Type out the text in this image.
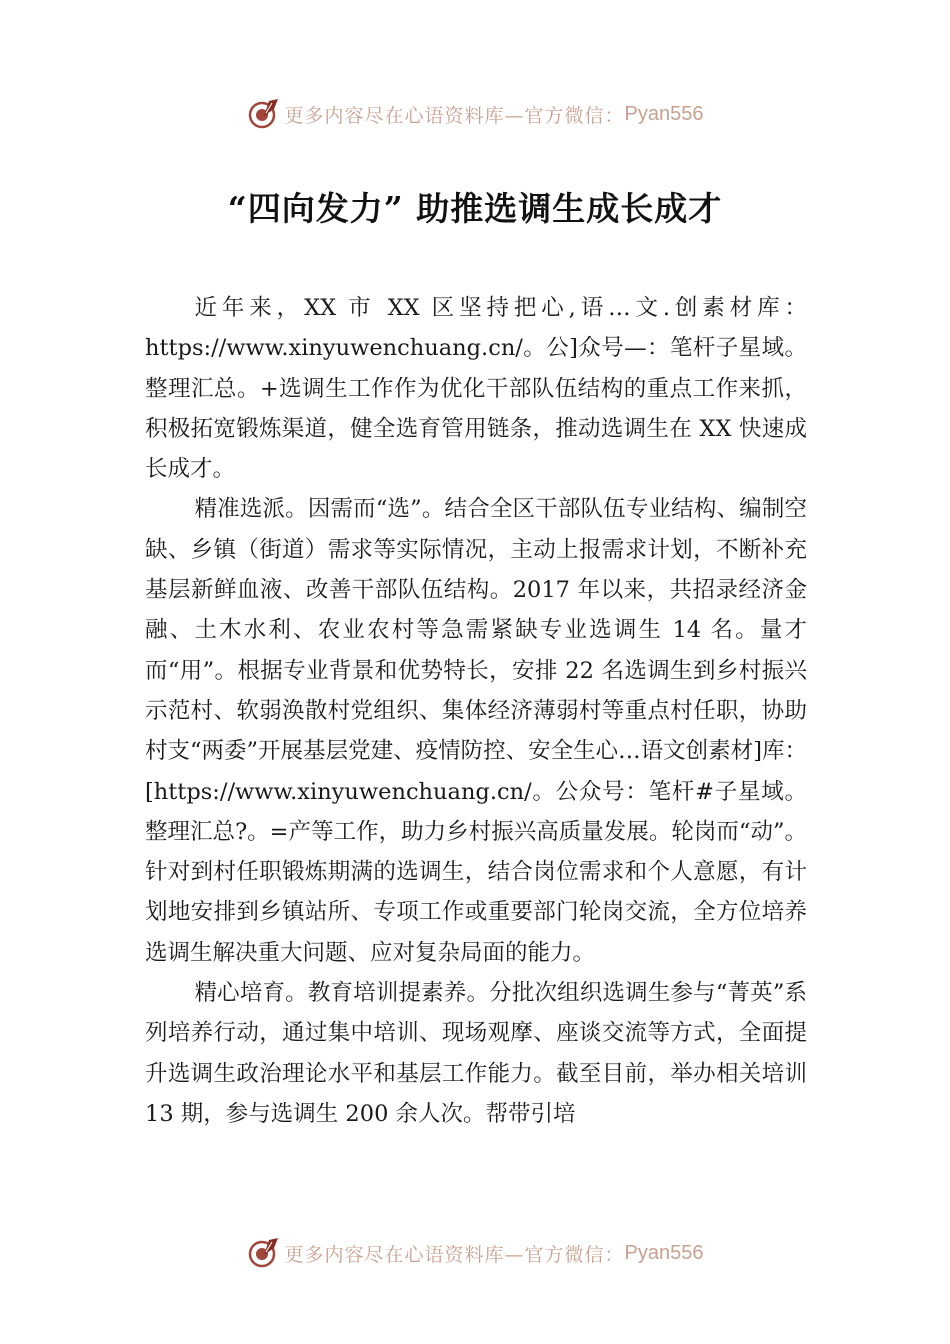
更多内容尽在心语资料库—官方微信： Pyan556
“四向发力” 助推选调生成长成才

近年来，XX 市 XX 区坚持把心,语…文.创素材库：https://www.xinyuwenchuang.cn/。公]众号—：笔杆子星域。整理汇总。+选调生工作作为优化干部队伍结构的重点工作来抓，积极拓宽锻炼渠道，健全选育管用链条，推动选调生在 XX 快速成长成才。

精准选派。因需而“选”。结合全区干部队伍专业结构、编制空缺、乡镇（街道）需求等实际情况，主动上报需求计划，不断补充基层新鲜血液、改善干部队伍结构。2017 年以来，共招录经济金融、土木水利、农业农村等急需紧缺专业选调生 14 名。量才而“用”。根据专业背景和优势特长，安排 22 名选调生到乡村振兴示范村、软弱涣散村党组织、集体经济薄弱村等重点村任职，协助村支“两委”开展基层党建、疫情防控、安全生心…语文创素材]库：[https://www.xinyuwenchuang.cn/。公众号：笔杆#子星域。整理汇总?。=产等工作，助力乡村振兴高质量发展。轮岗而“动”。针对到村任职锻炼期满的选调生，结合岗位需求和个人意愿，有计划地安排到乡镇站所、专项工作或重要部门轮岗交流，全方位培养选调生解决重大问题、应对复杂局面的能力。

精心培育。教育培训提素养。分批次组织选调生参与“菁英”系列培养行动，通过集中培训、现场观摩、座谈交流等方式，全面提升选调生政治理论水平和基层工作能力。截至目前，举办相关培训 13 期，参与选调生 200 余人次。帮带引培

更多内容尽在心语资料库—官方微信： Pyan556
